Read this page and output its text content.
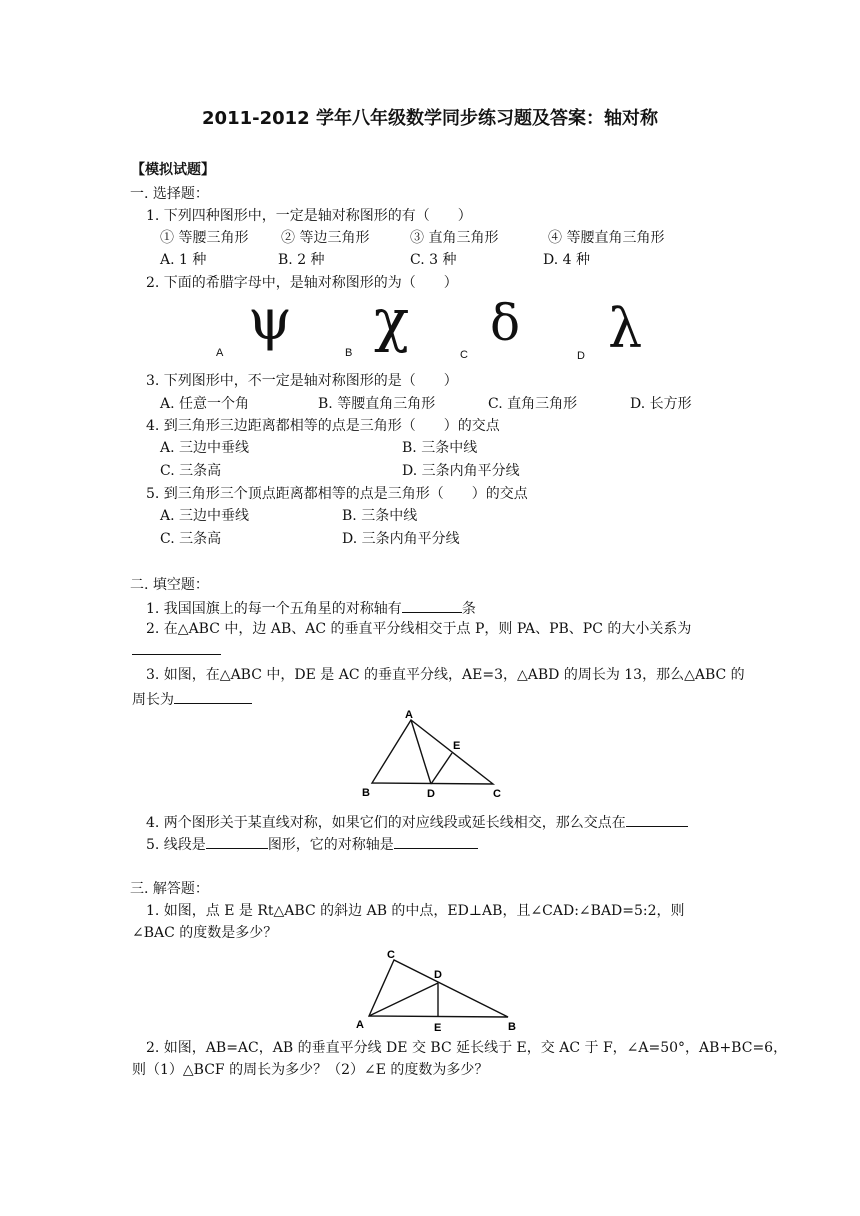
2011-2012 学年八年级数学同步练习题及答案：轴对称
【模拟试题】
一. 选择题：
1. 下列四种图形中，一定是轴对称图形的有（　　）
① 等腰三角形 ② 等边三角形	③ 直角三角形	④ 等腰直角三角形
A. 1 种	B. 2 种	C. 3 种	D. 4 种
2. 下面的希腊字母中，是轴对称图形的为（　　）
A ψ	B χ
C
δ
D λ
3. 下列图形中，不一定是轴对称图形的是（　　）
A. 任意一个角	B. 等腰直角三角形	C. 直角三角形	D. 长方形
4. 到三角形三边距离都相等的点是三角形（　　）的交点
A. 三边中垂线	B. 三条中线
C. 三条高	D. 三条内角平分线
5. 到三角形三个顶点距离都相等的点是三角形（　　）的交点
A. 三边中垂线	B. 三条中线
C. 三条高	D. 三条内角平分线
二. 填空题：
1. 我国国旗上的每一个五角星的对称轴有	条
2. 在△ABC 中，边 AB、AC 的垂直平分线相交于点 P，则 PA、PB、PC 的大小关系为
3. 如图，在△ABC 中，DE 是 AC 的垂直平分线，AE=3，△ABD 的周长为 13，那么△ABC 的
周长为
A
B	C
D
E
4. 两个图形关于某直线对称，如果它们的对应线段或延长线相交，那么交点在
5. 线段是	图形，它的对称轴是
三. 解答题：
1. 如图，点 E 是 Rt△ABC 的斜边 AB 的中点，ED⊥AB，且∠CAD:∠BAD=5:2，则
∠BAC 的度数是多少？
C
A	B
D
E
2. 如图，AB=AC，AB 的垂直平分线 DE 交 BC 延长线于 E，交 AC 于 F，∠A=50°，AB+BC=6，
则（1）△BCF 的周长为多少？（2）∠E 的度数为多少？
